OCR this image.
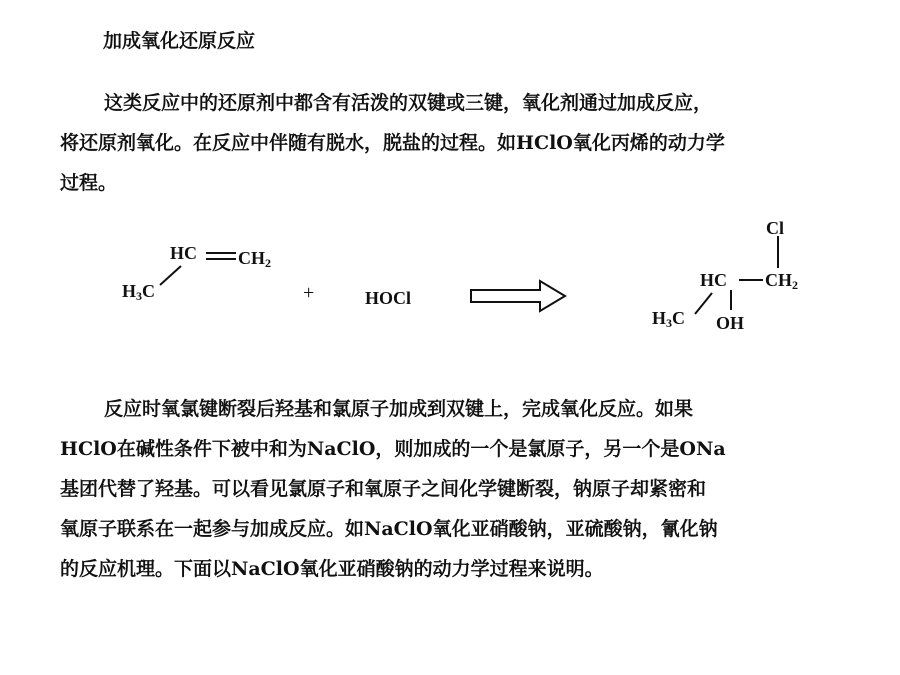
加成氧化还原反应
这类反应中的还原剂中都含有活泼的双键或三键，氧化剂通过加成反应，
将还原剂氧化。在反应中伴随有脱水，脱盐的过程。如HClO氧化丙烯的动力学
过程。
HC $CH_2$
$H_3C$	+	HOCl
Cl
HC $CH_2$
$H_3C$ OH
反应时氧氯键断裂后羟基和氯原子加成到双键上，完成氧化反应。如果
HClO在碱性条件下被中和为NaClO，则加成的一个是氯原子，另一个是ONa
基团代替了羟基。可以看见氯原子和氧原子之间化学键断裂，钠原子却紧密和
氧原子联系在一起参与加成反应。如NaClO氧化亚硝酸钠，亚硫酸钠，氰化钠
的反应机理。下面以NaClO氧化亚硝酸钠的动力学过程来说明。
